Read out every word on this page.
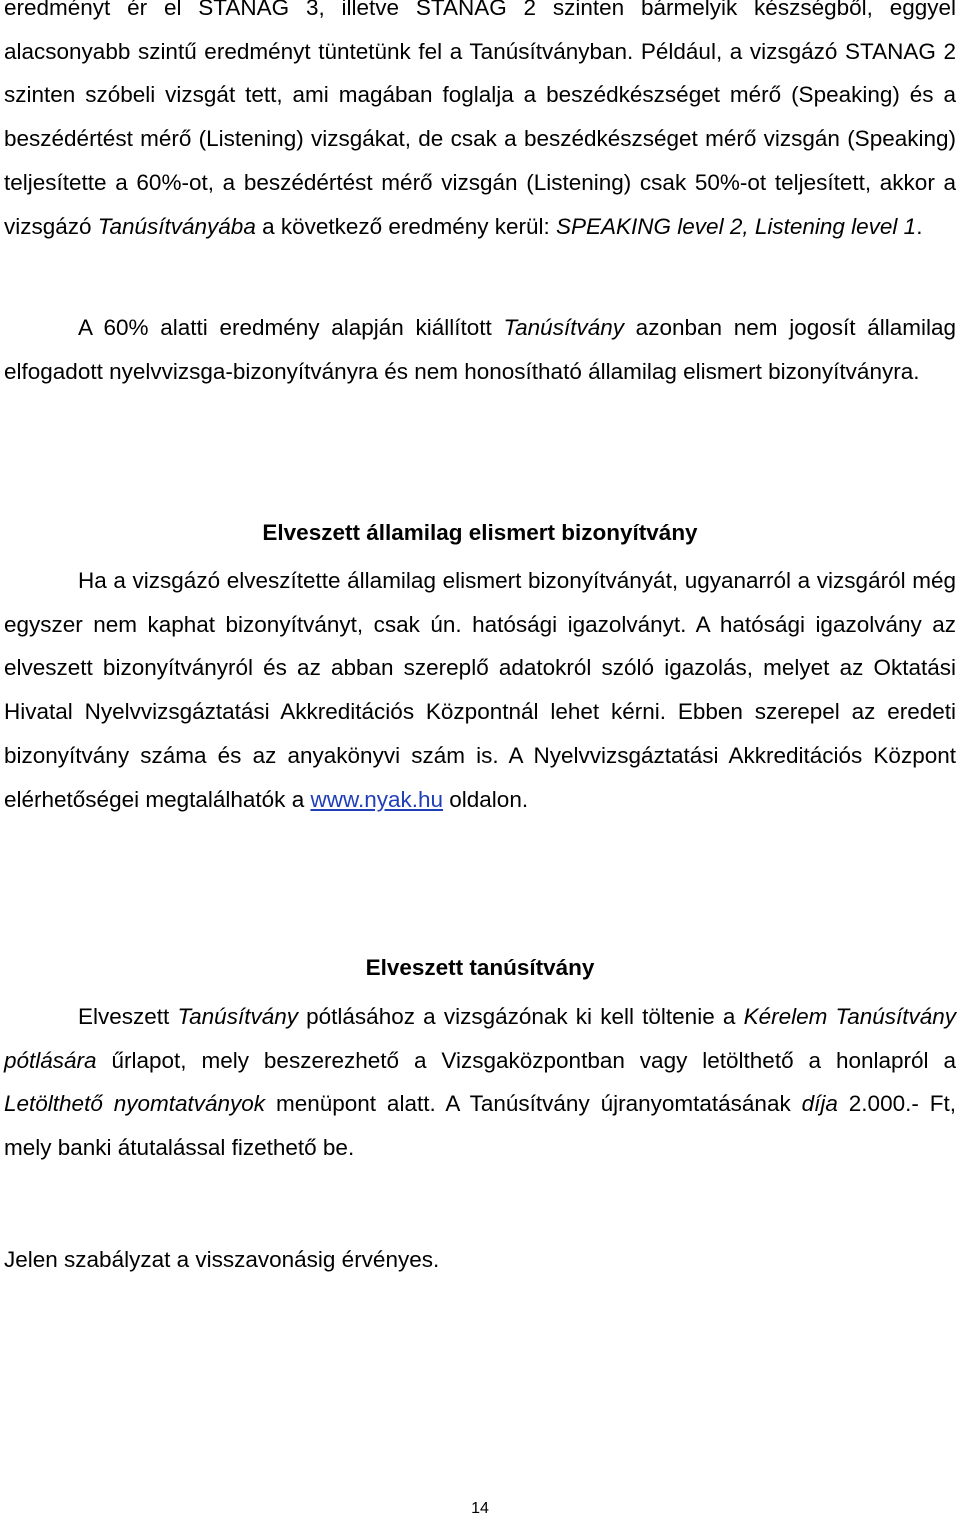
eredményt ér el STANAG 3, illetve STANAG 2 szinten bármelyik készségből, eggyel alacsonyabb szintű eredményt tüntetünk fel a Tanúsítványban. Például, a vizsgázó STANAG 2 szinten szóbeli vizsgát tett, ami magában foglalja a beszédkészséget mérő (Speaking) és a beszédértést mérő (Listening) vizsgákat, de csak a beszédkészséget mérő vizsgán (Speaking) teljesítette a 60%-ot, a beszédértést mérő vizsgán (Listening) csak 50%-ot teljesített, akkor a vizsgázó Tanúsítványába a következő eredmény kerül: SPEAKING level 2, Listening level 1.

A 60% alatti eredmény alapján kiállított Tanúsítvány azonban nem jogosít államilag elfogadott nyelvvizsga-bizonyítványra és nem honosítható államilag elismert bizonyítványra.

Elveszett államilag elismert bizonyítvány

Ha a vizsgázó elveszítette államilag elismert bizonyítványát, ugyanarról a vizsgáról még egyszer nem kaphat bizonyítványt, csak ún. hatósági igazolványt. A hatósági igazolvány az elveszett bizonyítványról és az abban szereplő adatokról szóló igazolás, melyet az Oktatási Hivatal Nyelvvizsgáztatási Akkreditációs Központnál lehet kérni. Ebben szerepel az eredeti bizonyítvány száma és az anyakönyvi szám is. A Nyelvvizsgáztatási Akkreditációs Központ elérhetőségei megtalálhatók a www.nyak.hu oldalon.

Elveszett tanúsítvány

Elveszett Tanúsítvány pótlásához a vizsgázónak ki kell töltenie a Kérelem Tanúsítvány pótlására űrlapot, mely beszerezhető a Vizsgaközpontban vagy letölthető a honlapról a Letölthető nyomtatványok menüpont alatt. A Tanúsítvány újranyomtatásának díja 2.000.- Ft, mely banki átutalással fizethető be.

Jelen szabályzat a visszavonásig érvényes.

14
